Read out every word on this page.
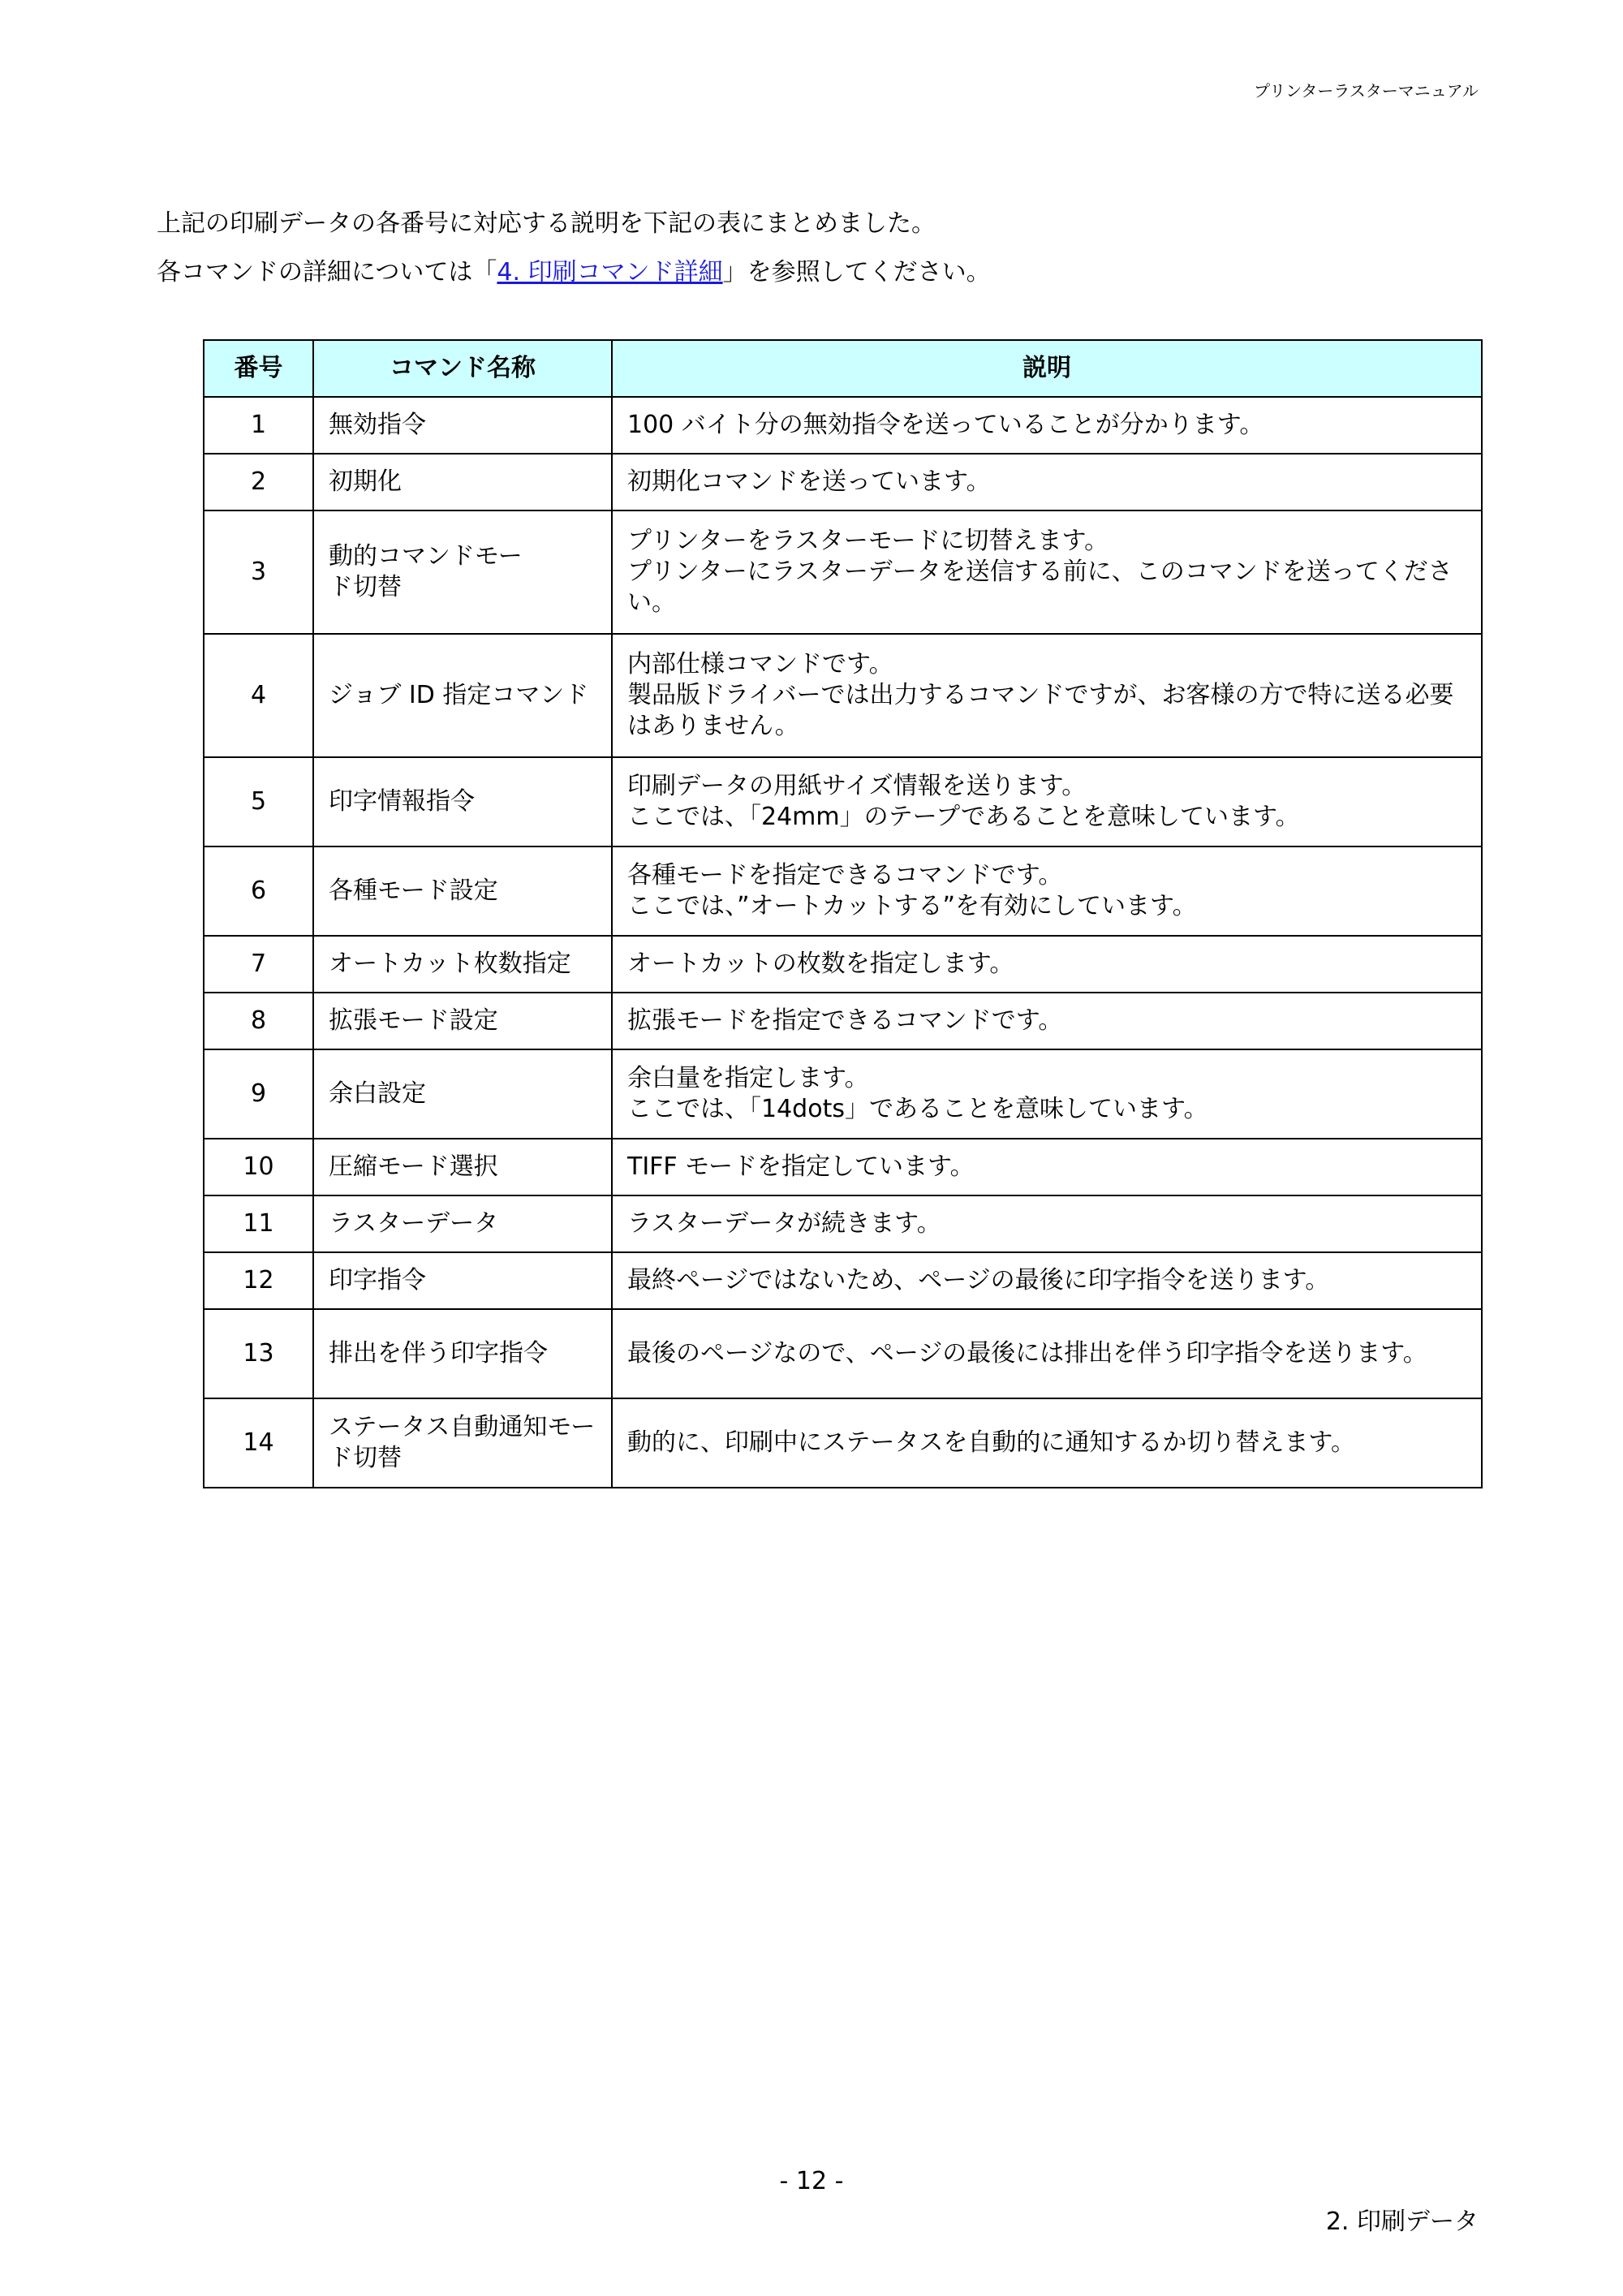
プリンターラスターマニュアル

上記の印刷データの各番号に対応する説明を下記の表にまとめました。

各コマンドの詳細については「4. 印刷コマンド詳細」を参照してください。

番号	コマンド名称	説明
1	無効指令	100 バイト分の無効指令を送っていることが分かります。

2	初期化	初期化コマンドを送っています。

3	動的コマンドモード切替	プリンターをラスターモードに切替えます。
プリンターにラスターデータを送信する前に、このコマンドを送ってください。

4	ジョブ ID 指定コマンド	内部仕様コマンドです。
製品版ドライバーでは出力するコマンドですが、お客様の方で特に送る必要はありません。

5	印字情報指令	印刷データの用紙サイズ情報を送ります。
ここでは、「24mm」のテープであることを意味しています。

6	各種モード設定	各種モードを指定できるコマンドです。
ここでは、”オートカットする”を有効にしています。

7	オートカット枚数指定	オートカットの枚数を指定します。

8	拡張モード設定	拡張モードを指定できるコマンドです。

9	余白設定	余白量を指定します。
ここでは、「14dots」であることを意味しています。

10	圧縮モード選択	TIFF モードを指定しています。

11	ラスターデータ	ラスターデータが続きます。

12	印字指令	最終ページではないため、ページの最後に印字指令を送ります。

13	排出を伴う印字指令	最後のページなので、ページの最後には排出を伴う印字指令を送ります。

14	ステータス自動通知モード切替	動的に、印刷中にステータスを自動的に通知するか切り替えます。
- 12 -
2. 印刷データ
